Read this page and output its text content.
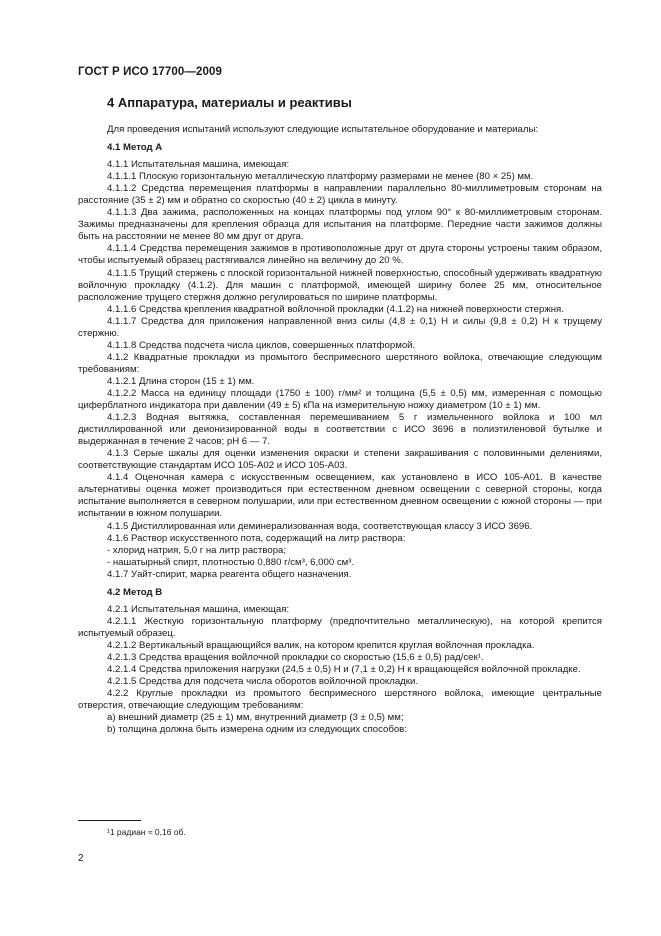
ГОСТ Р ИСО 17700—2009
4 Аппаратура, материалы и реактивы

Для проведения испытаний используют следующие испытательное оборудование и материалы:

4.1 Метод А

4.1.1 Испытательная машина, имеющая:

4.1.1.1 Плоскую горизонтальную металлическую платформу размерами не менее (80 × 25) мм.

4.1.1.2 Средства перемещения платформы в направлении параллельно 80-миллиметровым сторонам на расстояние (35 ± 2) мм и обратно со скоростью (40 ± 2) цикла в минуту.

4.1.1.3 Два зажима, расположенных на концах платформы под углом 90° к 80-миллиметровым сторонам. Зажимы предназначены для крепления образца для испытания на платформе. Передние части зажимов должны быть на расстоянии не менее 80 мм друг от друга.

4.1.1.4 Средства перемещения зажимов в противоположные друг от друга стороны устроены таким образом, чтобы испытуемый образец растягивался линейно на величину до 20 %.

4.1.1.5 Трущий стержень с плоской горизонтальной нижней поверхностью, способный удерживать квадратную войлочную прокладку (4.1.2). Для машин с платформой, имеющей ширину более 25 мм, относительное расположение трущего стержня должно регулироваться по ширине платформы.

4.1.1.6 Средства крепления квадратной войлочной прокладки (4.1.2) на нижней поверхности стержня.

4.1.1.7 Средства для приложения направленной вниз силы (4,8 ± 0,1) Н и силы (9,8 ± 0,2) Н к трущему стержню.

4.1.1.8 Средства подсчета числа циклов, совершенных платформой.

4.1.2 Квадратные прокладки из промытого беспримесного шерстяного войлока, отвечающие следующим требованиям:

4.1.2.1 Длина сторон (15 ± 1) мм.

4.1.2.2 Масса на единицу площади (1750 ± 100) г/мм² и толщина (5,5 ± 0,5) мм, измеренная с помощью циферблатного индикатора при давлении (49 ± 5) кПа на измерительную ножку диаметром (10 ± 1) мм.

4.1.2.3 Водная вытяжка, составленная перемешиванием 5 г измельченного войлока и 100 мл дистиллированной или деионизированной воды в соответствии с ИСО 3696 в полиэтиленовой бутылке и выдержанная в течение 2 часов; рН 6 — 7.

4.1.3 Серые шкалы для оценки изменения окраски и степени закрашивания с половинными делениями, соответствующие стандартам ИСО 105-А02 и ИСО 105-А03.

4.1.4 Оценочная камера с искусственным освещением, как установлено в ИСО 105-А01. В качестве альтернативы оценка может производиться при естественном дневном освещении с северной стороны, когда испытание выполняется в северном полушарии, или при естественном дневном освещении с южной стороны — при испытании в южном полушарии.

4.1.5 Дистиллированная или деминерализованная вода, соответствующая классу 3 ИСО 3696.

4.1.6 Раствор искусственного пота, содержащий на литр раствора:

- хлорид натрия, 5,0 г на литр раствора;

- нашатырный спирт, плотностью 0,880 г/см³, 6,000 см³.

4.1.7 Уайт-спирит, марка реагента общего назначения.

4.2 Метод В

4.2.1 Испытательная машина, имеющая:

4.2.1.1 Жесткую горизонтальную платформу (предпочтительно металлическую), на которой крепится испытуемый образец.

4.2.1.2 Вертикальный вращающийся валик, на котором крепится круглая войлочная прокладка.

4.2.1.3 Средства вращения войлочной прокладки со скоростью (15,6 ± 0,5) рад/сек¹.

4.2.1.4 Средства приложения нагрузки (24,5 ± 0,5) Н и (7,1 ± 0,2) Н к вращающейся войлочной прокладке.

4.2.1.5 Средства для подсчета числа оборотов войлочной прокладки.

4.2.2 Круглые прокладки из промытого беспримесного шерстяного войлока, имеющие центральные отверстия, отвечающие следующим требованиям:

а) внешний диаметр (25 ± 1) мм, внутренний диаметр (3 ± 0,5) мм;

b) толщина должна быть измерена одним из следующих способов:

¹1 радиан ≈ 0,16 об.
2
